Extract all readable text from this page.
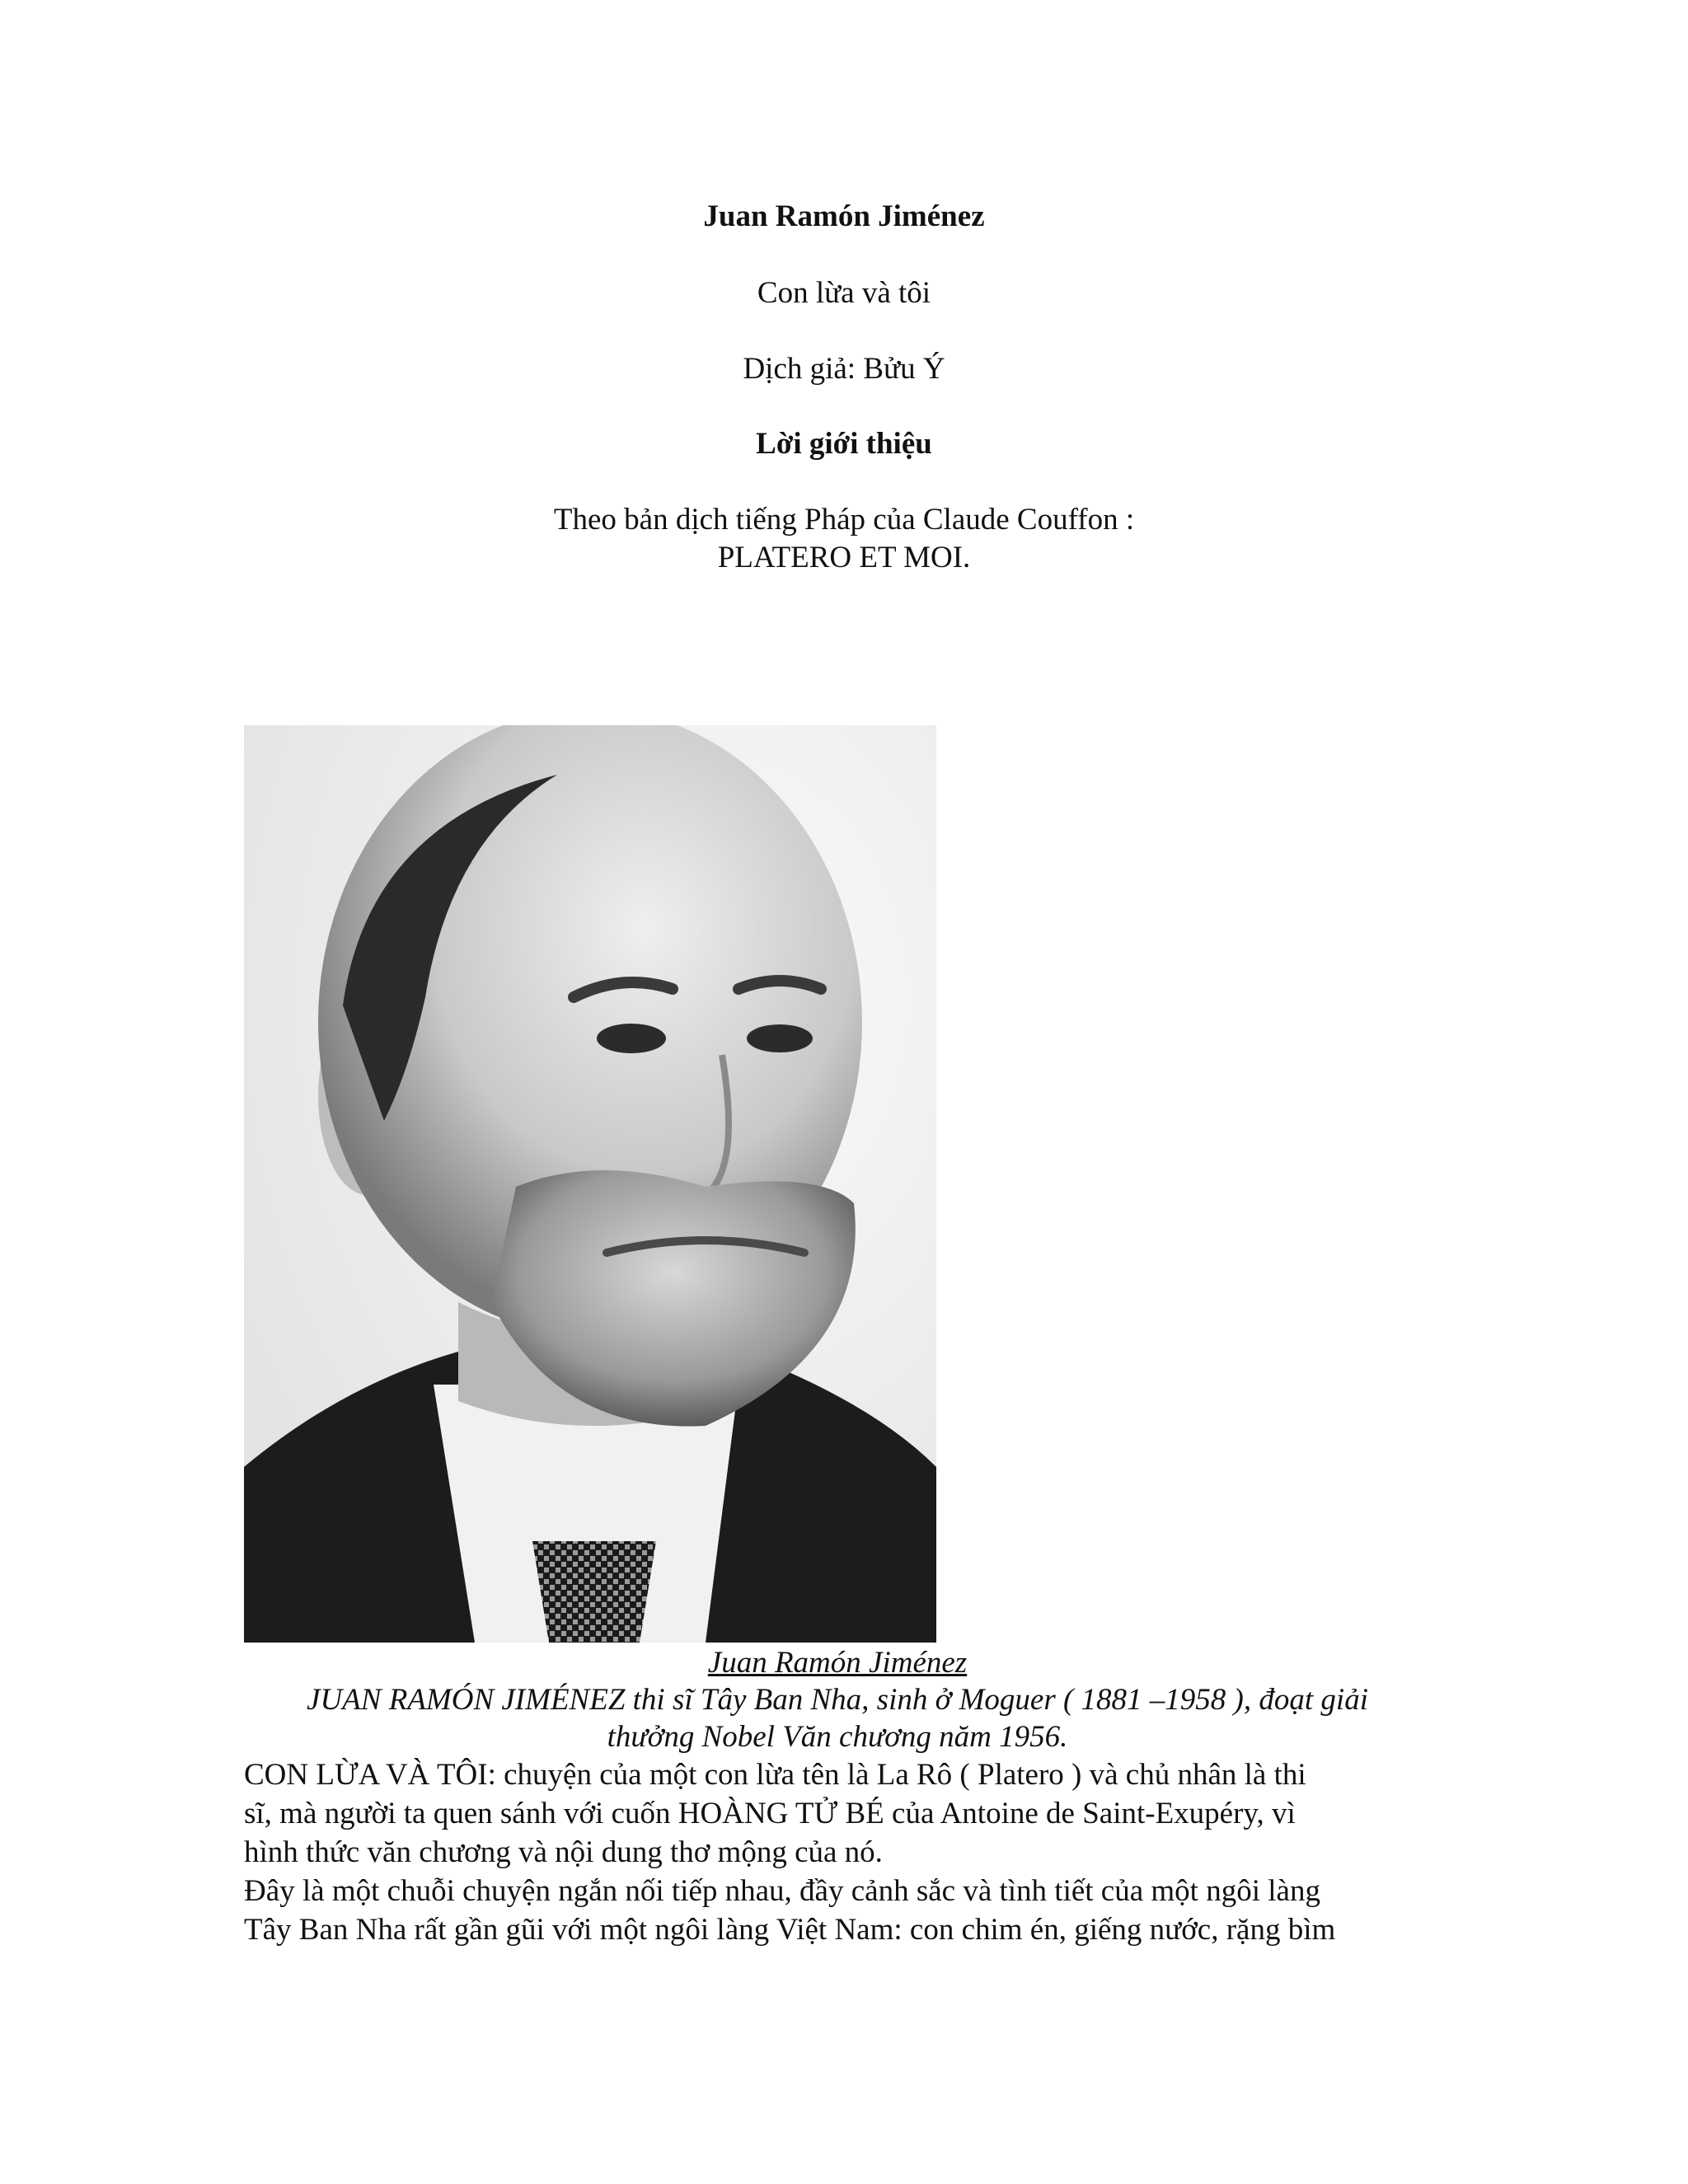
Juan Ramón Jiménez
Con lừa và tôi
Dịch giả: Bửu Ý
Lời giới thiệu
Theo bản dịch tiếng Pháp của Claude Couffon :
PLATERO ET MOI.
Juan Ramón Jiménez
JUAN RAMÓN JIMÉNEZ thi sĩ Tây Ban Nha, sinh ở Moguer ( 1881 –1958 ), đoạt giải
thưởng Nobel Văn chương năm 1956.

CON LỪA VÀ TÔI: chuyện của một con lừa tên là La Rô ( Platero ) và chủ nhân là thi

sĩ, mà người ta quen sánh với cuốn HOÀNG TỬ BÉ của Antoine de Saint-Exupéry, vì

hình thức văn chương và nội dung thơ mộng của nó.

Đây là một chuỗi chuyện ngắn nối tiếp nhau, đầy cảnh sắc và tình tiết của một ngôi làng

Tây Ban Nha rất gần gũi với một ngôi làng Việt Nam: con chim én, giếng nước, rặng bìm
